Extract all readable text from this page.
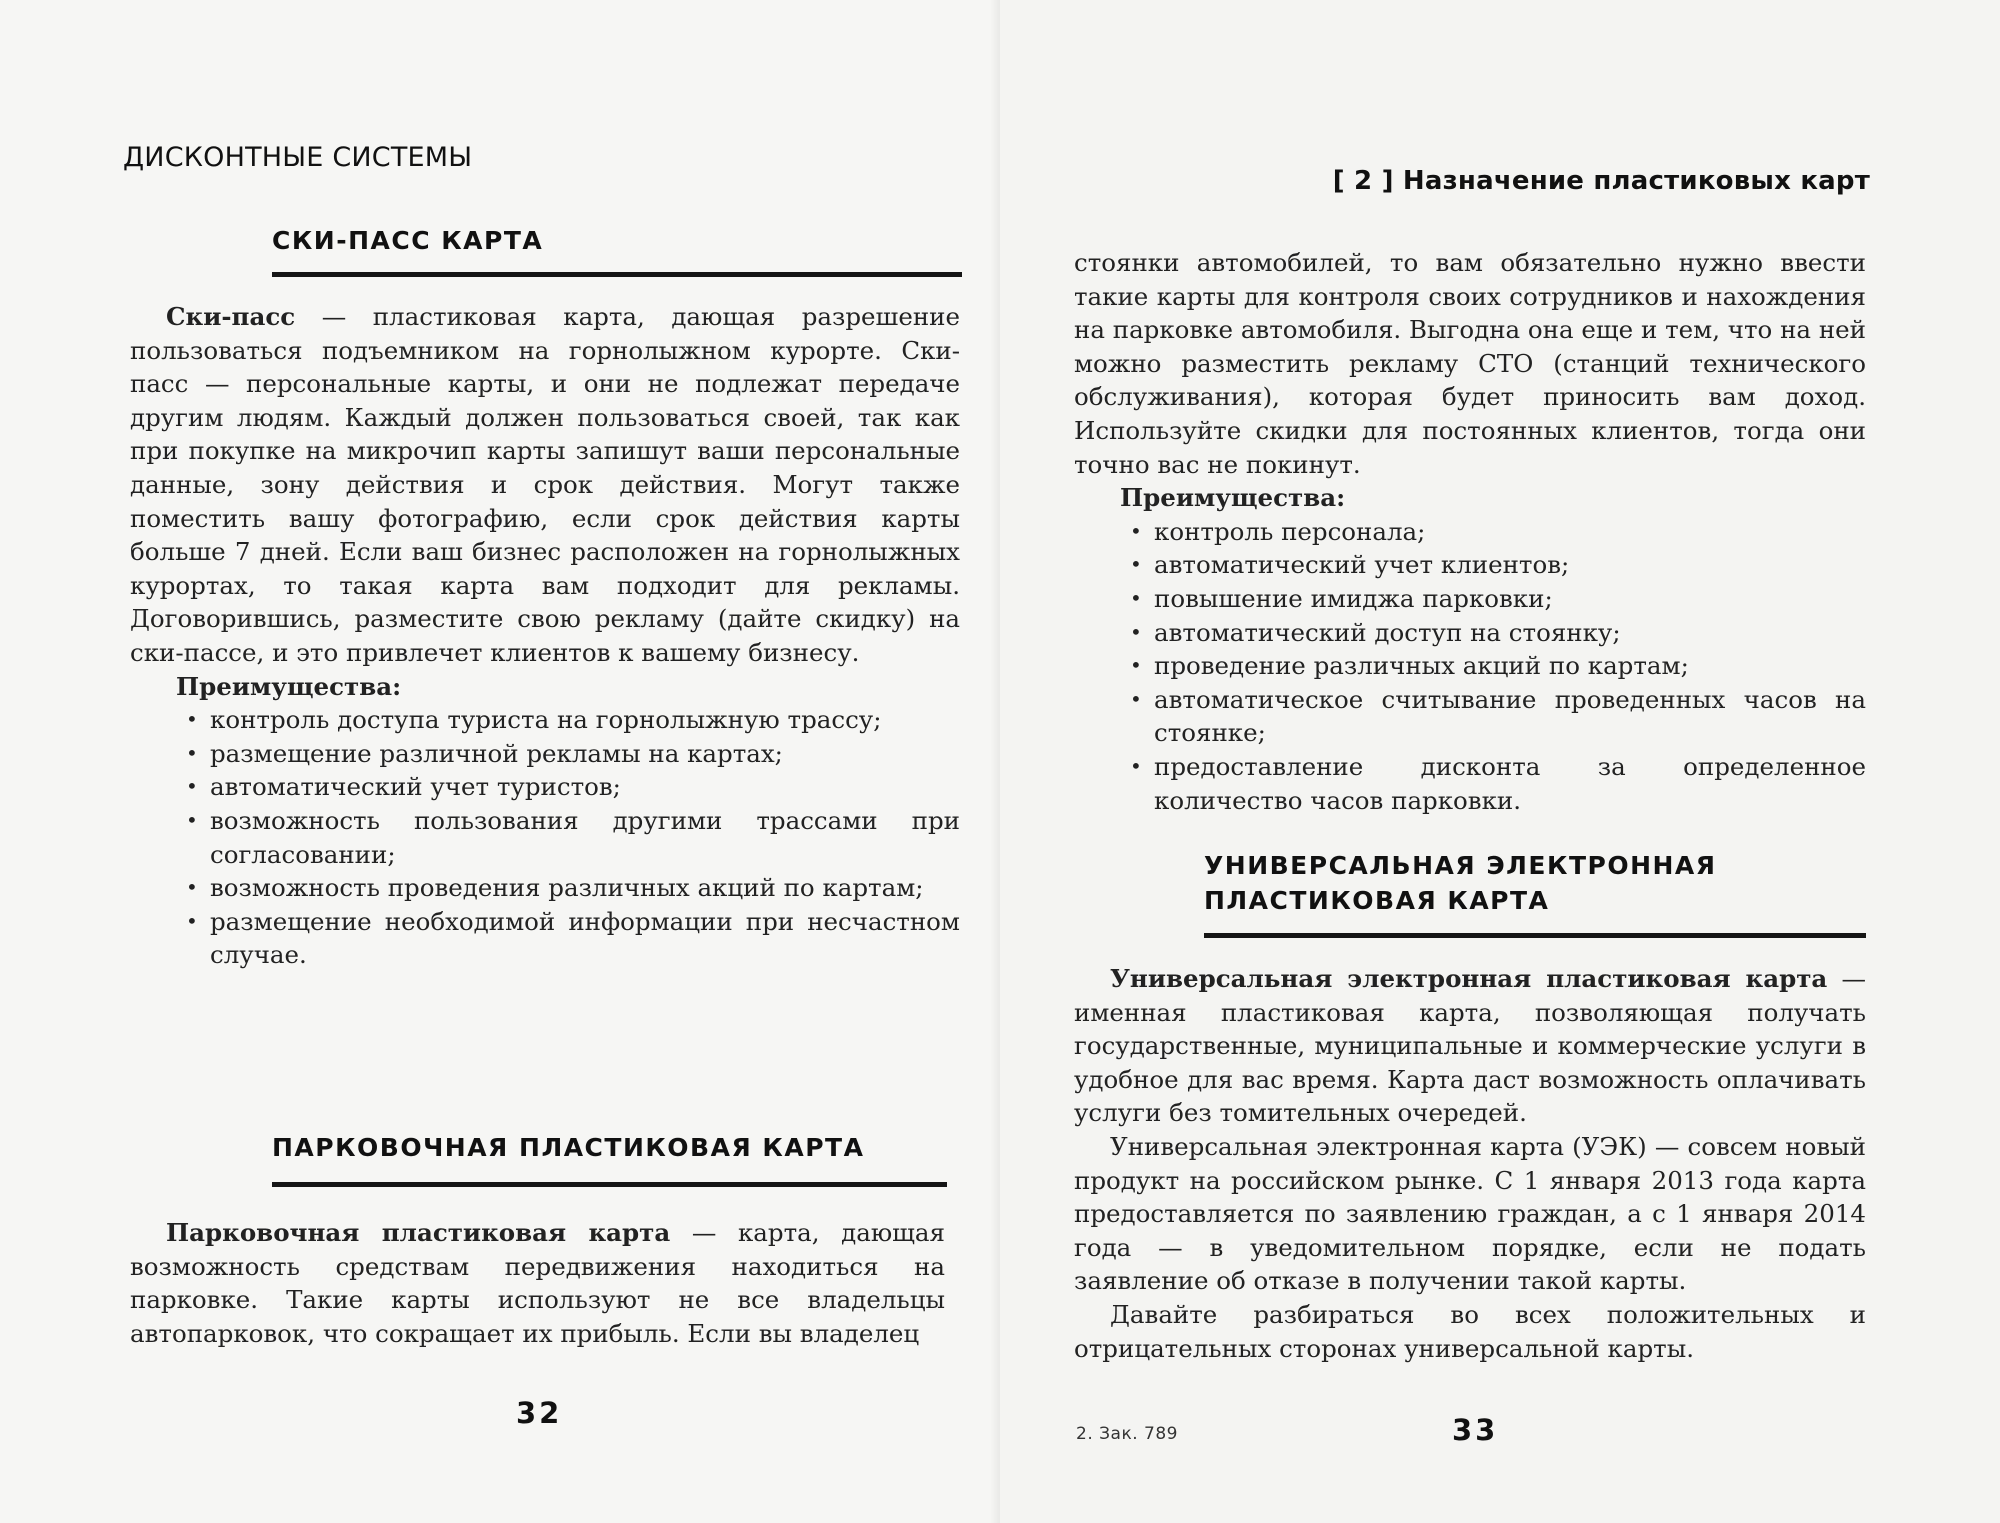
ДИСКОНТНЫЕ СИСТЕМЫ
СКИ-ПАСС КАРТА

Ски-пасс — пластиковая карта, дающая разрешение пользоваться подъемником на горнолыжном курорте. Ски-пасс — персональные карты, и они не подлежат передаче другим людям. Каждый должен пользоваться своей, так как при покупке на микрочип карты запишут ваши персональные данные, зону действия и срок действия. Могут также поместить вашу фотографию, если срок действия карты больше 7 дней. Если ваш бизнес расположен на горнолыжных курортах, то такая карта вам подходит для рекламы. Договорившись, разместите свою рекламу (дайте скидку) на ски-пассе, и это привлечет клиентов к вашему бизнесу.

Преимущества:

• контроль доступа туриста на горнолыжную трассу;
• размещение различной рекламы на картах;
• автоматический учет туристов;
• возможность пользования другими трассами при согласовании;
• возможность проведения различных акций по картам;
• размещение необходимой информации при несчастном случае.
ПАРКОВОЧНАЯ ПЛАСТИКОВАЯ КАРТА

Парковочная пластиковая карта — карта, дающая возможность средствам передвижения находиться на парковке. Такие карты используют не все владельцы автопарковок, что сокращает их прибыль. Если вы владелец

32
[ 2 ] Назначение пластиковых карт

стоянки автомобилей, то вам обязательно нужно ввести такие карты для контроля своих сотрудников и нахождения на парковке автомобиля. Выгодна она еще и тем, что на ней можно разместить рекламу СТО (станций технического обслуживания), которая будет приносить вам доход. Используйте скидки для постоянных клиентов, тогда они точно вас не покинут.

Преимущества:

• контроль персонала;
• автоматический учет клиентов;
• повышение имиджа парковки;
• автоматический доступ на стоянку;
• проведение различных акций по картам;
• автоматическое считывание проведенных часов на стоянке;
• предоставление дисконта за определенное количество часов парковки.
УНИВЕРСАЛЬНАЯ ЭЛЕКТРОННАЯ
ПЛАСТИКОВАЯ КАРТА

Универсальная электронная пластиковая карта — именная пластиковая карта, позволяющая получать государственные, муниципальные и коммерческие услуги в удобное для вас время. Карта даст возможность оплачивать услуги без томительных очередей.

Универсальная электронная карта (УЭК) — совсем новый продукт на российском рынке. С 1 января 2013 года карта предоставляется по заявлению граждан, а с 1 января 2014 года — в уведомительном порядке, если не подать заявление об отказе в получении такой карты.

Давайте разбираться во всех положительных и отрицательных сторонах универсальной карты.

2. Зак. 789	33
